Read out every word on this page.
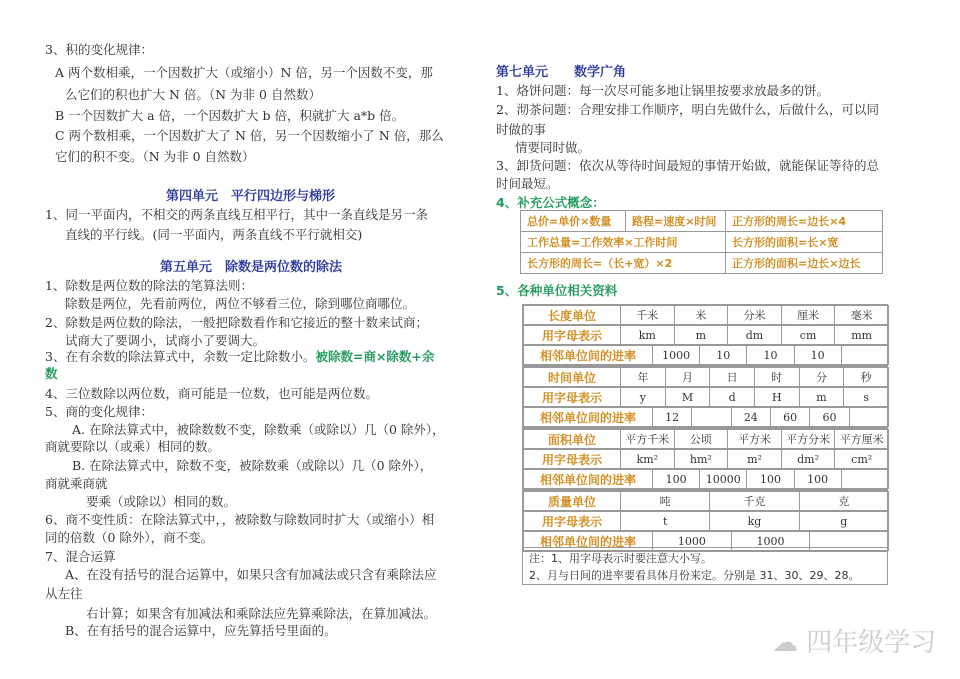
3、积的变化规律：
A 两个数相乘，一个因数扩大（或缩小）N 倍，另一个因数不变，那
么它们的积也扩大 N 倍。（N 为非 0 自然数）
B 一个因数扩大 a 倍，一个因数扩大 b 倍，积就扩大 a*b 倍。
C 两个数相乘，一个因数扩大了 N 倍，另一个因数缩小了 N 倍，那么
它们的积不变。（N 为非 0 自然数）
第四单元　平行四边形与梯形
1、同一平面内，不相交的两条直线互相平行，其中一条直线是另一条
直线的平行线。(同一平面内，两条直线不平行就相交)
第五单元　除数是两位数的除法
1、除数是两位数的除法的笔算法则：
除数是两位，先看前两位，两位不够看三位，除到哪位商哪位。
2、除数是两位数的除法，一般把除数看作和它接近的整十数来试商；
试商大了要调小，试商小了要调大。
3、在有余数的除法算式中，余数一定比除数小。被除数=商×除数+余
数
4、三位数除以两位数，商可能是一位数，也可能是两位数。
5、商的变化规律：
A. 在除法算式中，被除数数不变，除数乘（或除以）几（0 除外），
商就要除以（或乘）相同的数。
B. 在除法算式中，除数不变，被除数乘（或除以）几（0 除外），
商就乘商就
要乘（或除以）相同的数。
6、商不变性质：在除法算式中，，被除数与除数同时扩大（或缩小）相
同的倍数（0 除外），商不变。
7、混合运算
A、在没有括号的混合运算中，如果只含有加减法或只含有乘除法应
从左往
右计算；如果含有加减法和乘除法应先算乘除法，在算加减法。
B、在有括号的混合运算中，应先算括号里面的。
第七单元　　数学广角
1、烙饼问题：每一次尽可能多地让锅里按要求放最多的饼。
2、沏茶问题：合理安排工作顺序，明白先做什么，后做什么，可以同
时做的事
情要同时做。
3、卸货问题：依次从等待时间最短的事情开始做，就能保证等待的总
时间最短。
4、补充公式概念：
总价=单价×数量	路程=速度×时间	正方形的周长=边长×4
工作总量=工作效率×工作时间		长方形的面积=长×宽
长方形的周长=（长+宽）×2		正方形的面积=边长×边长
5、各种单位相关资料
长度单位	千米	米	分米	厘米	毫米

用字母表示	km	m	dm	cm	mm

相邻单位间的进率	1000	10	10	10	
时间单位	年	月	日	时	分	秒

用字母表示	y	M	d	H	m	s

相邻单位间的进率	12		24	60	60	
面积单位	平方千米	公顷	平方米	平方分米	平方厘米

用字母表示	km²	hm²	m²	dm²	cm²

相邻单位间的进率	100	10000	100	100	
质量单位	吨	千克	克

用字母表示	t	kg	g

相邻单位间的进率	1000	1000	
注：1、用字母表示时要注意大小写。
2、月与日间的进率要看具体月份来定。分别是 31、30、29、28。
☁ 四年级学习
